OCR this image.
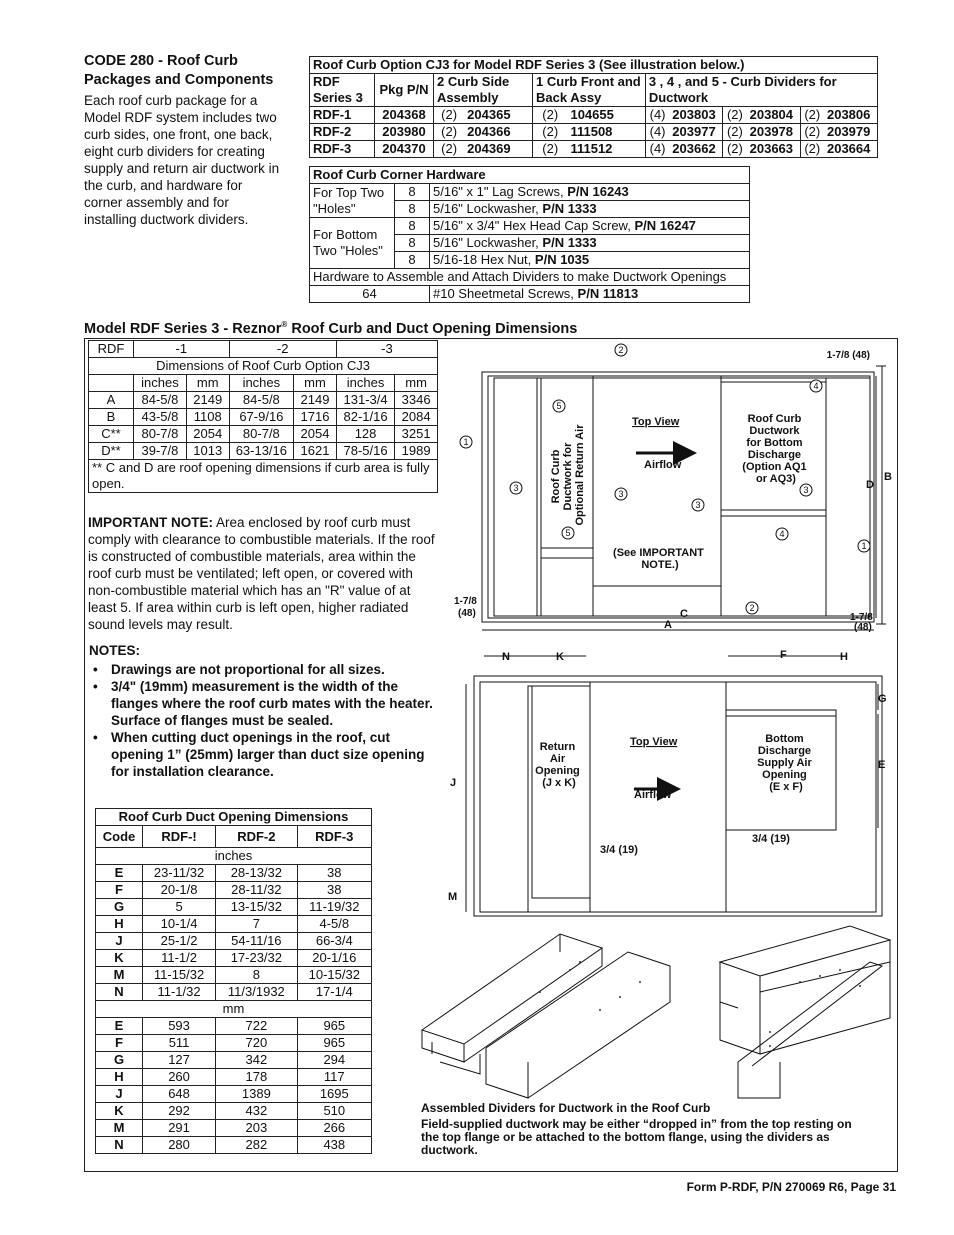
CODE 280 - Roof Curb Packages and Components

Each roof curb package for a Model RDF system includes two curb sides, one front, one back, eight curb dividers for creating supply and return air ductwork in the curb, and hardware for corner assembly and for installing ductwork dividers.

Roof Curb Option CJ3 for Model RDF Series 3 (See illustration below.)											
RDF Series 3	Pkg P/N	2 Curb Side Assembly		1 Curb Front and Back Assy		3 , 4 , and 5 - Curb Dividers for Ductwork					
RDF-1	204368	(2)	204365	(2)	104655	(4)	203803	(2)	203804	(2)	203806
RDF-2	203980	(2)	204366	(2)	111508	(4)	203977	(2)	203978	(2)	203979
RDF-3	204370	(2)	204369	(2)	111512	(4)	203662	(2)	203663	(2)	203664
Roof Curb Corner Hardware		
For Top Two "Holes"	8	5/16" x 1" Lag Screws, P/N 16243
	8	5/16" Lockwasher, P/N 1333
For Bottom Two "Holes"	8	5/16" x 3/4" Hex Head Cap Screw, P/N 16247
	8	5/16" Lockwasher, P/N 1333
	8	5/16-18 Hex Nut, P/N 1035
Hardware to Assemble and Attach Dividers to make Ductwork Openings		
64		#10 Sheetmetal Screws, P/N 11813
Model RDF Series 3 - Reznor® Roof Curb and Duct Opening Dimensions
RDF	-1		-2		-3	
Dimensions of Roof Curb Option CJ3						
	inches	mm	inches	mm	inches	mm
A	84-5/8	2149	84-5/8	2149	131-3/4	3346
B	43-5/8	1108	67-9/16	1716	82-1/16	2084
C**	80-7/8	2054	80-7/8	2054	128	3251
D**	39-7/8	1013	63-13/16	1621	78-5/16	1989
** C and D are roof opening dimensions if curb area is fully open.						
IMPORTANT NOTE: Area enclosed by roof curb must comply with clearance to combustible materials. If the roof is constructed of combustible materials, area within the roof curb must be ventilated; left open, or covered with non-combustible material which has an "R" value of at least 5. If area within curb is left open, higher radiated sound levels may result.
NOTES:
• Drawings are not proportional for all sizes.
• 3/4" (19mm) measurement is the width of the flanges where the roof curb mates with the heater. Surface of flanges must be sealed.
• When cutting duct openings in the roof, cut opening 1” (25mm) larger than duct size opening for installation clearance.
Roof Curb Duct Opening Dimensions			
Code	RDF-!	RDF-2	RDF-3
inches			
E	23-11/32	28-13/32	38
F	20-1/8	28-11/32	38
G	5	13-15/32	11-19/32
H	10-1/4	7	4-5/8
J	25-1/2	54-11/16	66-3/4
K	11-1/2	17-23/32	20-1/16
M	11-15/32	8	10-15/32
N	11-1/32	11/3/1932	17-1/4
mm			
E	593	722	965
F	511	720	965
G	127	342	294
H	260	178	117
J	648	1389	1695
K	292	432	510
M	291	203	266
N	280	282	438
2
1
4
5
3
3
3
3
4
5
1
2
Top View
Airflow
1-7/8 (48)
B
D
C
A
1-7/8
(48)	1-7/8
(48)
Roof Curb Ductwork for Bottom Discharge (Option AQ1 or AQ3)
(See IMPORTANT NOTE.)
Roof Curb Ductwork for Optional Return Air
N	K	F	H
G
E
J
M
Top View
Airflow
3/4 (19)
3/4 (19)
Return Air Opening (J x K)
Bottom Discharge Supply Air Opening (E x F)
Assembled Dividers for Ductwork in the Roof Curb
Field-supplied ductwork may be either “dropped in” from the top resting on the top flange or be attached to the bottom flange, using the dividers as ductwork.
Form P-RDF, P/N 270069 R6, Page 31
